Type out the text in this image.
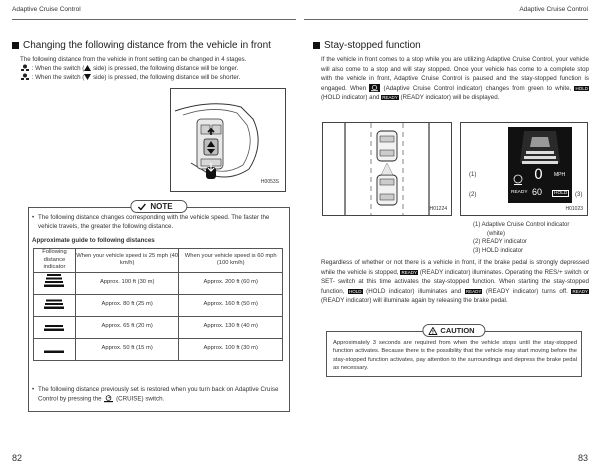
Adaptive Cruise Control	Adaptive Cruise Control
Changing the following distance from the vehicle in front
The following distance from the vehicle in front setting can be changed in 4 stages.
: When the switch ( side) is pressed, the following distance will be longer.
: When the switch ( side) is pressed, the following distance will be shorter.
H0053S
NOTE
• The following distance changes corresponding with the vehicle speed. The faster the vehicle travels, the greater the following distance.
Approximate guide to following distances
Following distance indicator	When your vehicle speed is 25 mph (40 km/h)	When your vehicle speed is 60 mph (100 km/h)
	Approx. 100 ft (30 m)	Approx. 200 ft (60 m)
	Approx. 80 ft (25 m)	Approx. 160 ft (50 m)
	Approx. 65 ft (20 m)	Approx. 130 ft (40 m)
	Approx. 50 ft (15 m)	Approx. 100 ft (30 m)
• The following distance previously set is restored when you turn back on Adaptive Cruise Control by pressing the (CRUISE) switch.
82
Stay-stopped function
If the vehicle in front comes to a stop while you are utilizing Adaptive Cruise Control, your vehicle will also come to a stop and will stay stopped. Once your vehicle has come to a complete stop with the vehicle in front, Adaptive Cruise Control is paused and the stay-stopped function is engaged. When	(Adaptive Cruise Control indicator) changes from green to white, HOLD (HOLD indicator) and READY (READY indicator) will be displayed.
H01224
0 MPH
READY 60	HOLD
(1)
(2)	(3)
H01023
(1) Adaptive Cruise Control indicator
(white)
(2) READY indicator
(3) HOLD indicator
Regardless of whether or not there is a vehicle in front, if the brake pedal is strongly depressed while the vehicle is stopped, READY (READY indicator) illuminates. Operating the RES/+ switch or SET- switch at this time activates the stay-stopped function. When starting the stay-stopped function, HOLD (HOLD indicator) illuminates and READY (READY indicator) turns off. READY (READY indicator) will illuminate again by releasing the brake pedal.
CAUTION
Approximately 3 seconds are required from when the vehicle stops until the stay-stopped function activates. Because there is the possibility that the vehicle may start moving before the stay-stopped function activates, pay attention to the surroundings and depress the brake pedal as necessary.
83
